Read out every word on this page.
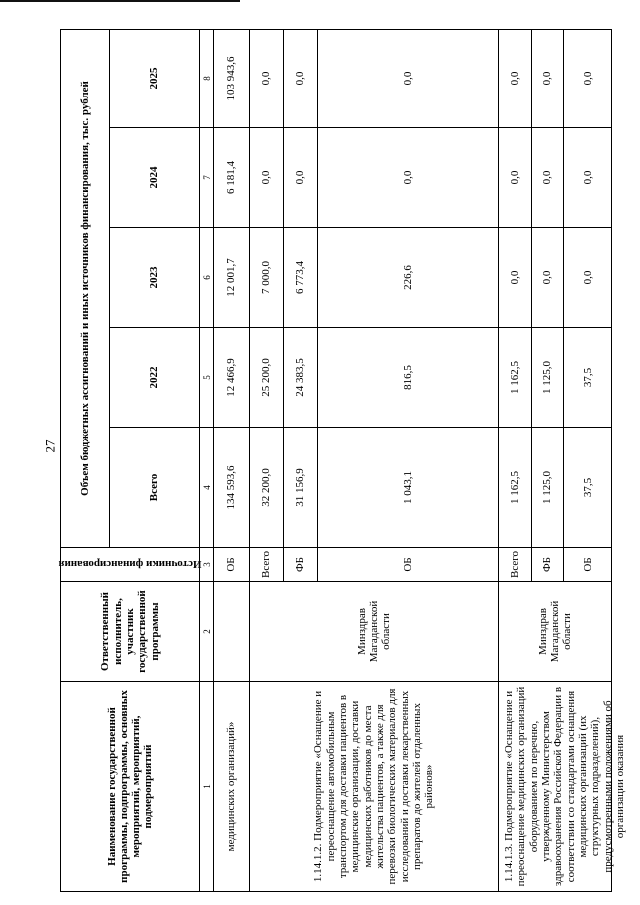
27
Наименование государственной программы, подпрограммы, основных мероприятий, мероприятий, подмероприятий	Ответственный исполнитель, участник государственной программы	Источники финансирования	Объем бюджетных ассигнований и иных источников финансирования, тыс. рублей				
			Всего	2022	2023	2024	2025
1	2	3	4	5	6	7	8
медицинских организаций»		ОБ	134 593,6	12 466,9	12 001,7	6 181,4	103 943,6
1.14.1.2. Подмероприятие «Оснащение и переоснащение автомобильным транспортом для доставки пациентов в медицинские организации, доставки медицинских работников до места жительства пациентов, а также для перевозки биологических материалов для исследований и доставки лекарственных препаратов до жителей отдаленных районов»	Минздрав Магаданской области	Всего	32 200,0	25 200,0	7 000,0	0,0	0,0
		ФБ	31 156,9	24 383,5	6 773,4	0,0	0,0
		ОБ	1 043,1	816,5	226,6	0,0	0,0

1.14.1.3. Подмероприятие «Оснащение и переоснащение медицинских организаций оборудованием по перечню, утвержденному Министерством здравоохранения Российской Федерации в соответствии со стандартами оснащения медицинских организаций (их структурных подразделений), предусмотренными положениями об организации оказания	Минздрав Магаданской области	Всего	1 162,5	1 162,5	0,0	0,0	0,0
		ФБ	1 125,0	1 125,0	0,0	0,0	0,0
		ОБ	37,5	37,5	0,0	0,0	0,0
